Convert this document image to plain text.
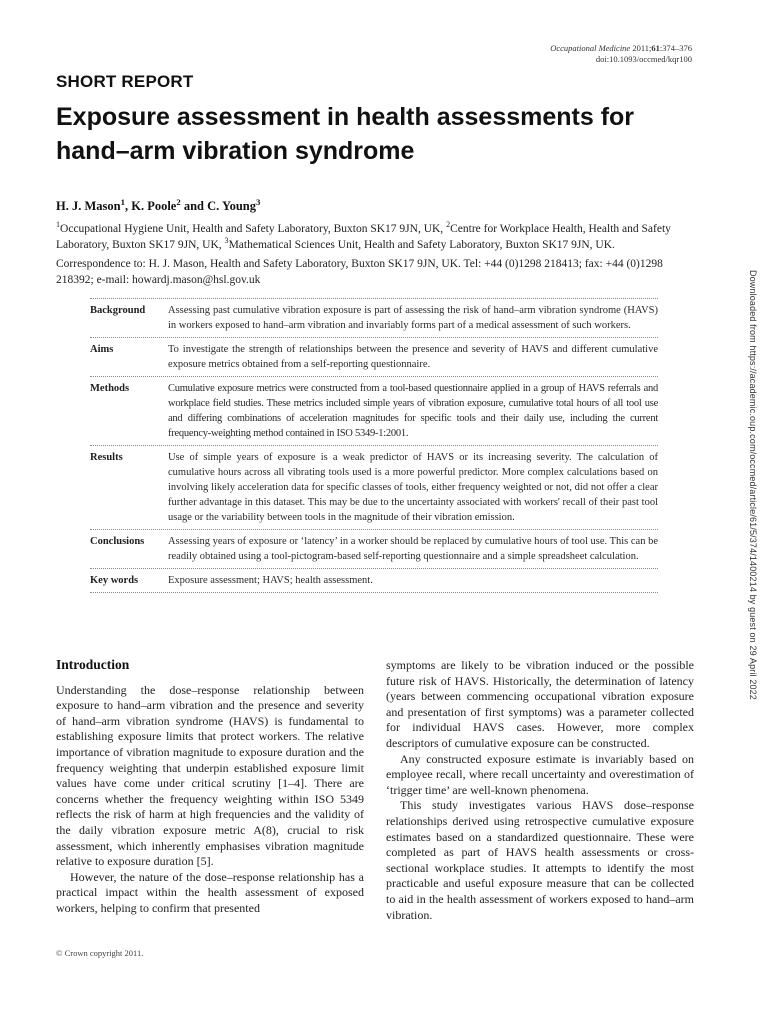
Occupational Medicine 2011;61:374–376
doi:10.1093/occmed/kqr100
SHORT REPORT
Exposure assessment in health assessments for hand–arm vibration syndrome
H. J. Mason$^1$, K. Poole$^2$ and C. Young$^3$
$^1$Occupational Hygiene Unit, Health and Safety Laboratory, Buxton SK17 9JN, UK, $^2$Centre for Workplace Health, Health and Safety Laboratory, Buxton SK17 9JN, UK, $^3$Mathematical Sciences Unit, Health and Safety Laboratory, Buxton SK17 9JN, UK.
Correspondence to: H. J. Mason, Health and Safety Laboratory, Buxton SK17 9JN, UK. Tel: +44 (0)1298 218413; fax: +44 (0)1298 218392; e-mail: howardj.mason@hsl.gov.uk
Background	Assessing past cumulative vibration exposure is part of assessing the risk of hand–arm vibration syndrome (HAVS) in workers exposed to hand–arm vibration and invariably forms part of a medical assessment of such workers.
Aims	To investigate the strength of relationships between the presence and severity of HAVS and different cumulative exposure metrics obtained from a self-reporting questionnaire.
Methods	Cumulative exposure metrics were constructed from a tool-based questionnaire applied in a group of HAVS referrals and workplace field studies. These metrics included simple years of vibration exposure, cumulative total hours of all tool use and differing combinations of acceleration magnitudes for specific tools and their daily use, including the current frequency-weighting method contained in ISO 5349-1:2001.
Results	Use of simple years of exposure is a weak predictor of HAVS or its increasing severity. The calculation of cumulative hours across all vibrating tools used is a more powerful predictor. More complex calculations based on involving likely acceleration data for specific classes of tools, either frequency weighted or not, did not offer a clear further advantage in this dataset. This may be due to the uncertainty associated with workers' recall of their past tool usage or the variability between tools in the magnitude of their vibration emission.
Conclusions	Assessing years of exposure or ‘latency’ in a worker should be replaced by cumulative hours of tool use. This can be readily obtained using a tool-pictogram-based self-reporting questionnaire and a simple spreadsheet calculation.
Key words	Exposure assessment; HAVS; health assessment.
Introduction

Understanding the dose–response relationship between exposure to hand–arm vibration and the presence and severity of hand–arm vibration syndrome (HAVS) is fundamental to establishing exposure limits that protect workers. The relative importance of vibration magnitude to exposure duration and the frequency weighting that underpin established exposure limit values have come under critical scrutiny [1–4]. There are concerns whether the frequency weighting within ISO 5349 reflects the risk of harm at high frequencies and the validity of the daily vibration exposure metric A(8), crucial to risk assessment, which inherently emphasises vibration magnitude relative to exposure duration [5].

However, the nature of the dose–response relationship has a practical impact within the health assessment of exposed workers, helping to confirm that presented

symptoms are likely to be vibration induced or the possible future risk of HAVS. Historically, the determination of latency (years between commencing occupational vibration exposure and presentation of first symptoms) was a parameter collected for individual HAVS cases. However, more complex descriptors of cumulative exposure can be constructed.

Any constructed exposure estimate is invariably based on employee recall, where recall uncertainty and overestimation of ‘trigger time’ are well-known phenomena.

This study investigates various HAVS dose–response relationships derived using retrospective cumulative exposure estimates based on a standardized questionnaire. These were completed as part of HAVS health assessments or cross-sectional workplace studies. It attempts to identify the most practicable and useful exposure measure that can be collected to aid in the health assessment of workers exposed to hand–arm vibration.

© Crown copyright 2011.
Downloaded from https://academic.oup.com/occmed/article/61/5/374/1400214 by guest on 29 April 2022
